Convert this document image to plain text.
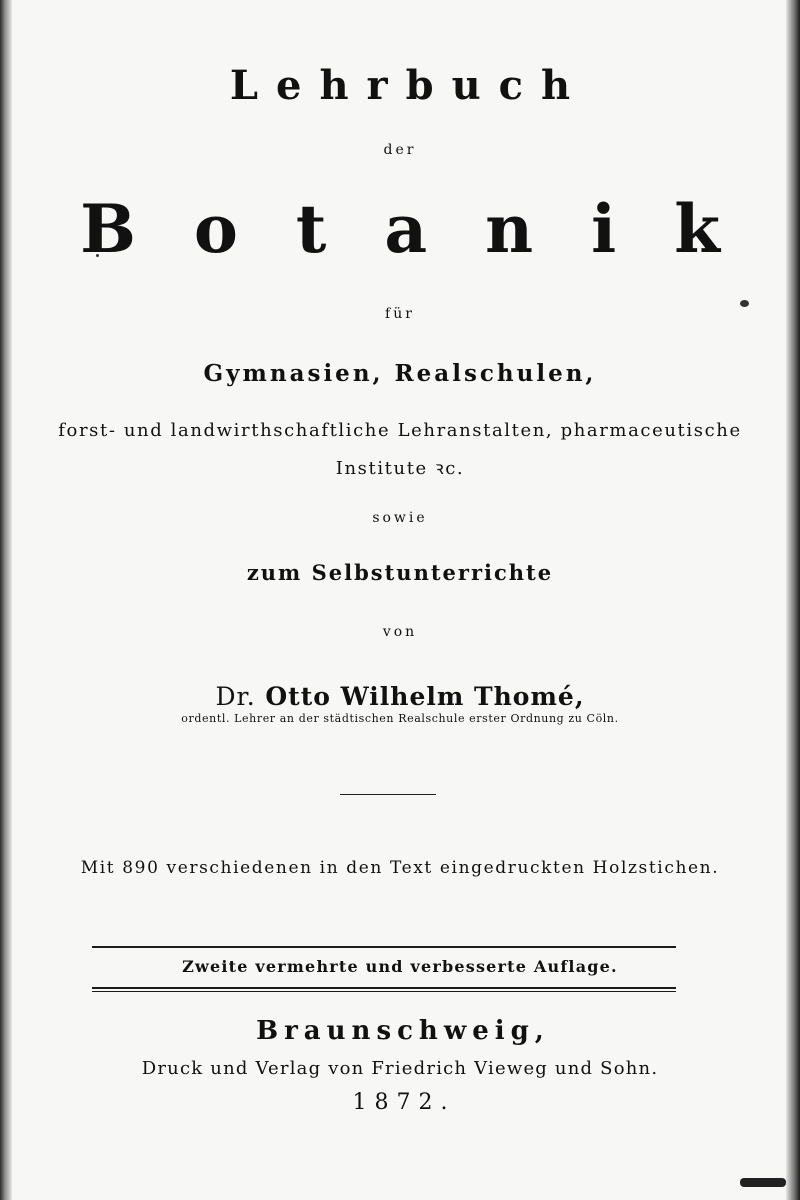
Lehrbuch
der
Botanik
für
Gymnasien, Realschulen,
forst- und landwirthschaftliche Lehranstalten, pharmaceutische
Institute ꝛc.
sowie
zum Selbstunterrichte
von
Dr. Otto Wilhelm Thomé,
ordentl. Lehrer an der städtischen Realschule erster Ordnung zu Cöln.
Mit 890 verschiedenen in den Text eingedruckten Holzstichen.
Zweite vermehrte und verbesserte Auflage.
Braunschweig,
Druck und Verlag von Friedrich Vieweg und Sohn.
1872.
